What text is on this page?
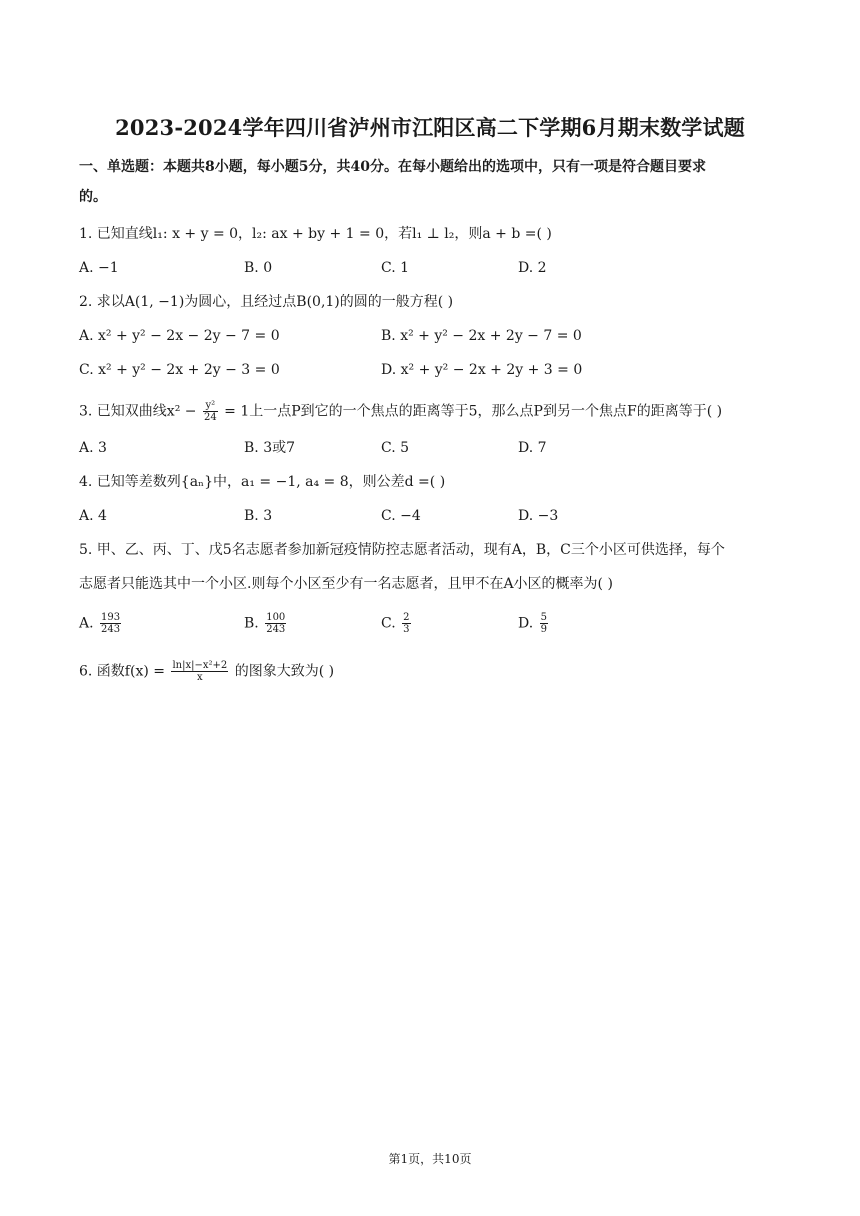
2023-2024学年四川省泸州市江阳区高二下学期6月期末数学试题
一、单选题：本题共8小题，每小题5分，共40分。在每小题给出的选项中，只有一项是符合题目要求
的。
1. 已知直线l₁: x + y = 0，l₂: ax + by + 1 = 0，若l₁ ⊥ l₂，则a + b =( )
A. −1	B. 0	C. 1	D. 2
2. 求以A(1, −1)为圆心，且经过点B(0,1)的圆的一般方程( )
A. x² + y² − 2x − 2y − 7 = 0	B. x² + y² − 2x + 2y − 7 = 0
C. x² + y² − 2x + 2y − 3 = 0	D. x² + y² − 2x + 2y + 3 = 0
3. 已知双曲线$x^2 - \frac{\text{y²}}{24} = 1$上一点P到它的一个焦点的距离等于5，那么点P到另一个焦点F的距离等于( )
A. 3	B. 3或7	C. 5	D. 7
4. 已知等差数列{aₙ}中，a₁ = −1, a₄ = 8，则公差d =( )
A. 4	B. 3	C. −4	D. −3
5. 甲、乙、丙、丁、戊5名志愿者参加新冠疫情防控志愿者活动，现有A，B，C三个小区可供选择，每个
志愿者只能选其中一个小区.则每个小区至少有一名志愿者，且甲不在A小区的概率为( )
A. $\frac{193}{243}$	B. $\frac{100}{243}$	C. $\frac{2}{3}$	D. $\frac{5}{9}$
6. 函数$f(x) = \frac{\text{ln|x|−x²+2}}{x}$ 的图象大致为( )
第1页，共10页
